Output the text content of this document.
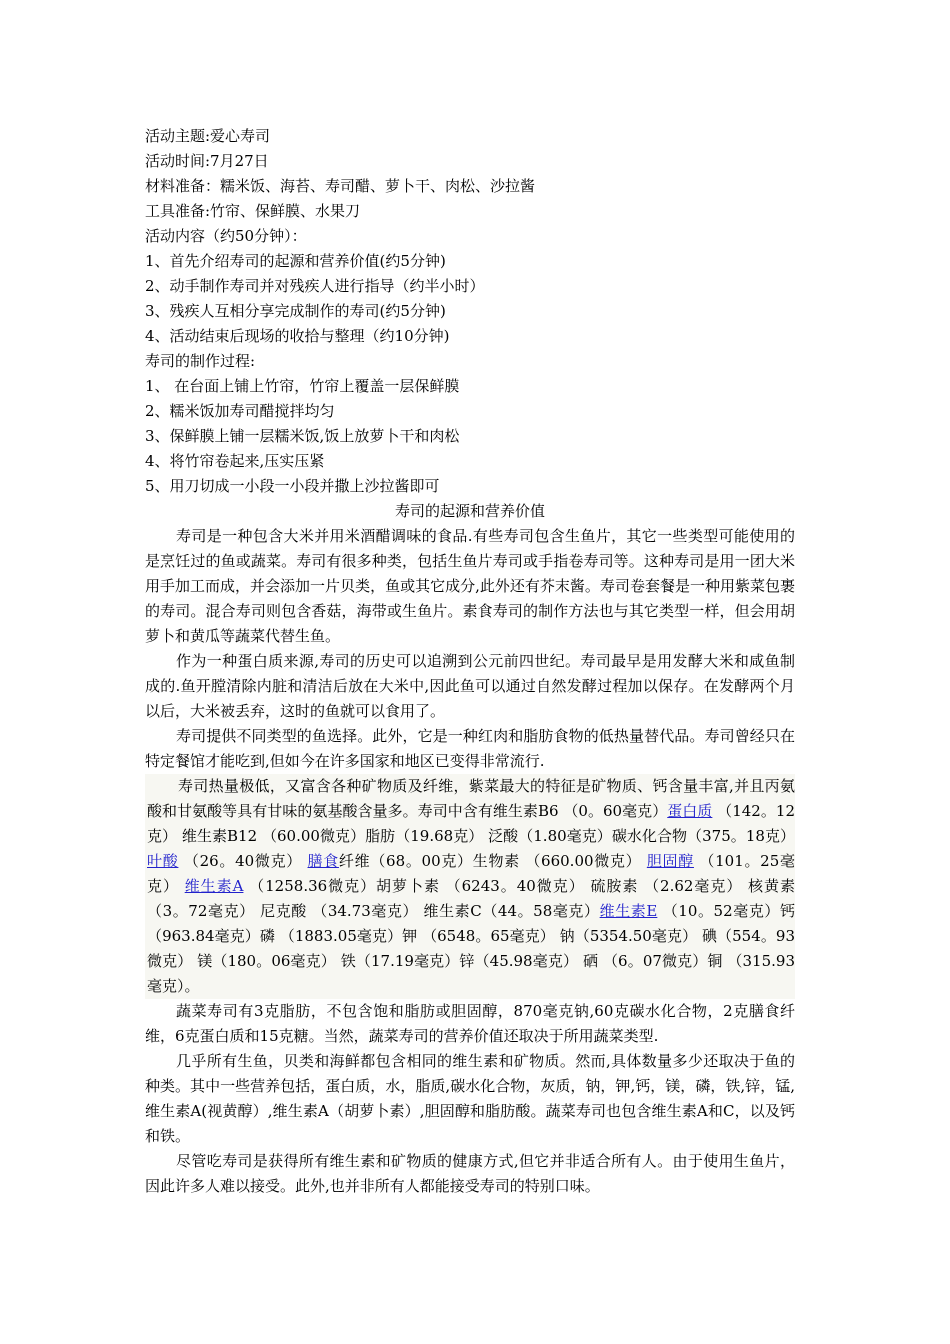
活动主题:爱心寿司
活动时间:7月27日
材料准备：糯米饭、海苔、寿司醋、萝卜干、肉松、沙拉酱
工具准备:竹帘、保鲜膜、水果刀
活动内容（约50分钟）：
1、首先介绍寿司的起源和营养价值(约5分钟)
2、动手制作寿司并对残疾人进行指导（约半小时）
3、残疾人互相分享完成制作的寿司(约5分钟)
4、活动结束后现场的收拾与整理（约10分钟)
寿司的制作过程:
1、 在台面上铺上竹帘，竹帘上覆盖一层保鲜膜
2、糯米饭加寿司醋搅拌均匀
3、保鲜膜上铺一层糯米饭,饭上放萝卜干和肉松
4、将竹帘卷起来,压实压紧
5、用刀切成一小段一小段并撒上沙拉酱即可
寿司的起源和营养价值

寿司是一种包含大米并用米酒醋调味的食品.有些寿司包含生鱼片，其它一些类型可能使用的是烹饪过的鱼或蔬菜。寿司有很多种类，包括生鱼片寿司或手指卷寿司等。这种寿司是用一团大米用手加工而成，并会添加一片贝类，鱼或其它成分,此外还有芥末酱。寿司卷套餐是一种用紫菜包裹的寿司。混合寿司则包含香菇，海带或生鱼片。素食寿司的制作方法也与其它类型一样，但会用胡萝卜和黄瓜等蔬菜代替生鱼。

作为一种蛋白质来源,寿司的历史可以追溯到公元前四世纪。寿司最早是用发酵大米和咸鱼制成的.鱼开膛清除内脏和清洁后放在大米中,因此鱼可以通过自然发酵过程加以保存。在发酵两个月以后，大米被丢弃，这时的鱼就可以食用了。

寿司提供不同类型的鱼选择。此外，它是一种红肉和脂肪食物的低热量替代品。寿司曾经只在特定餐馆才能吃到,但如今在许多国家和地区已变得非常流行.

寿司热量极低，又富含各种矿物质及纤维，紫菜最大的特征是矿物质、钙含量丰富,并且丙氨酸和甘氨酸等具有甘味的氨基酸含量多。寿司中含有维生素B6 （0。60毫克）蛋白质 （142。12克） 维生素B12 （60.00微克）脂肪（19.68克） 泛酸（1.80毫克）碳水化合物（375。18克） 叶酸 （26。40微克） 膳食纤维（68。00克）生物素 （660.00微克） 胆固醇 （101。25毫克） 维生素A （1258.36微克）胡萝卜素 （6243。40微克） 硫胺素 （2.62毫克） 核黄素 （3。72毫克） 尼克酸 （34.73毫克） 维生素C（44。58毫克）维生素E （10。52毫克）钙 （963.84毫克）磷 （1883.05毫克）钾 （6548。65毫克） 钠（5354.50毫克） 碘（554。93微克） 镁（180。06毫克） 铁（17.19毫克）锌（45.98毫克） 硒 （6。07微克）铜 （315.93毫克）。

蔬菜寿司有3克脂肪，不包含饱和脂肪或胆固醇，870毫克钠,60克碳水化合物，2克膳食纤维，6克蛋白质和15克糖。当然，蔬菜寿司的营养价值还取决于所用蔬菜类型.

几乎所有生鱼，贝类和海鲜都包含相同的维生素和矿物质。然而,具体数量多少还取决于鱼的种类。其中一些营养包括，蛋白质，水，脂质,碳水化合物，灰质，钠，钾,钙，镁，磷，铁,锌，锰,维生素A(视黄醇）,维生素A（胡萝卜素）,胆固醇和脂肪酸。蔬菜寿司也包含维生素A和C，以及钙和铁。

尽管吃寿司是获得所有维生素和矿物质的健康方式,但它并非适合所有人。由于使用生鱼片，因此许多人难以接受。此外,也并非所有人都能接受寿司的特别口味。
